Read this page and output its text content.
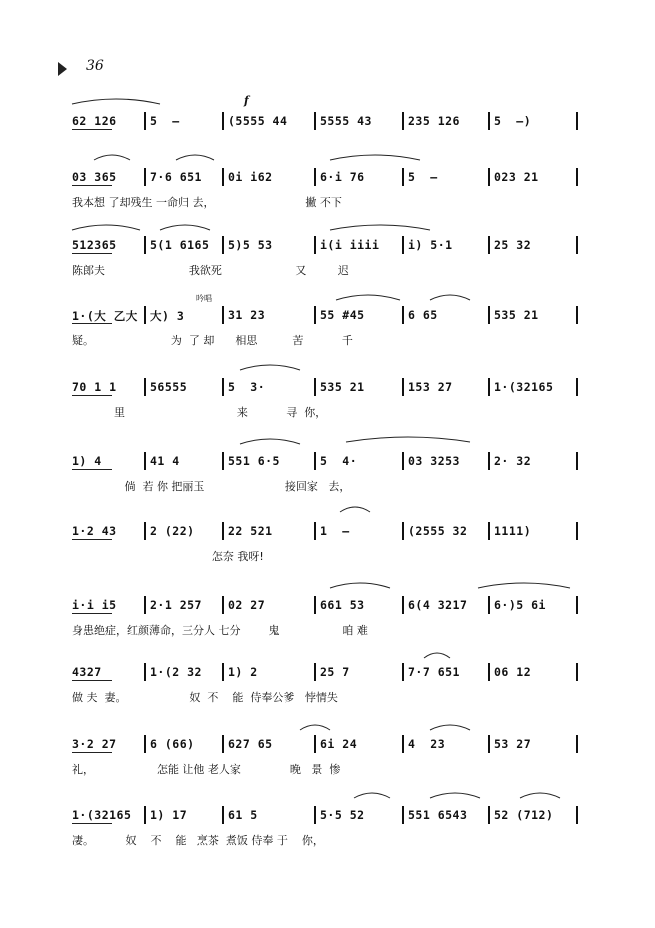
36
62 126	5  –	(5555 44	5555 43	235 126	5  –)
03 365	7·6 651 0i i62	6·i 76	5  –	023 21
我本想 了却残生 一命归 去，                          撇 不下
512365	5(1 6165 5)5 53	i(i iiii i) 5·1	25 32
陈郎夫                        我欲死                     又         迟
1·(大 乙大 大) 3	31 23	55 #45	6 65	535 21
疑。                      为  了 却      相思          苦           千
70 1 1	56555	5  3·	535 21	153 27	1·(32165
里                                来           寻  你，
1) 4	41 4	551 6·5	5  4·	03 3253	2· 32
倘  若 你 把丽玉                       接回家   去，
1·2 43	2 (22)	22 521	1  –	(2555 32 1111)
怎奈 我呀!
i·i i5	2·1 257 02 27	661 53	6(4 3217 6·)5 6i
身患绝症，红颜薄命，三分人 七分        鬼                  咱 难
4327	1·(2 32 1) 2	25 7	7·7 651	06 12
做 夫  妻。                  奴  不    能  侍奉公爹   悖情失
3·2 27	6 (66)	627 65	6i 24	4  23	53 27
礼，                  怎能 让他 老人家              晚   景  惨
1·(32165 1) 17	61 5	5·5 52	551 6543 52 (712)
凄。         奴    不    能   烹茶  煮饭 侍奉 于    你，
f
吟唱
